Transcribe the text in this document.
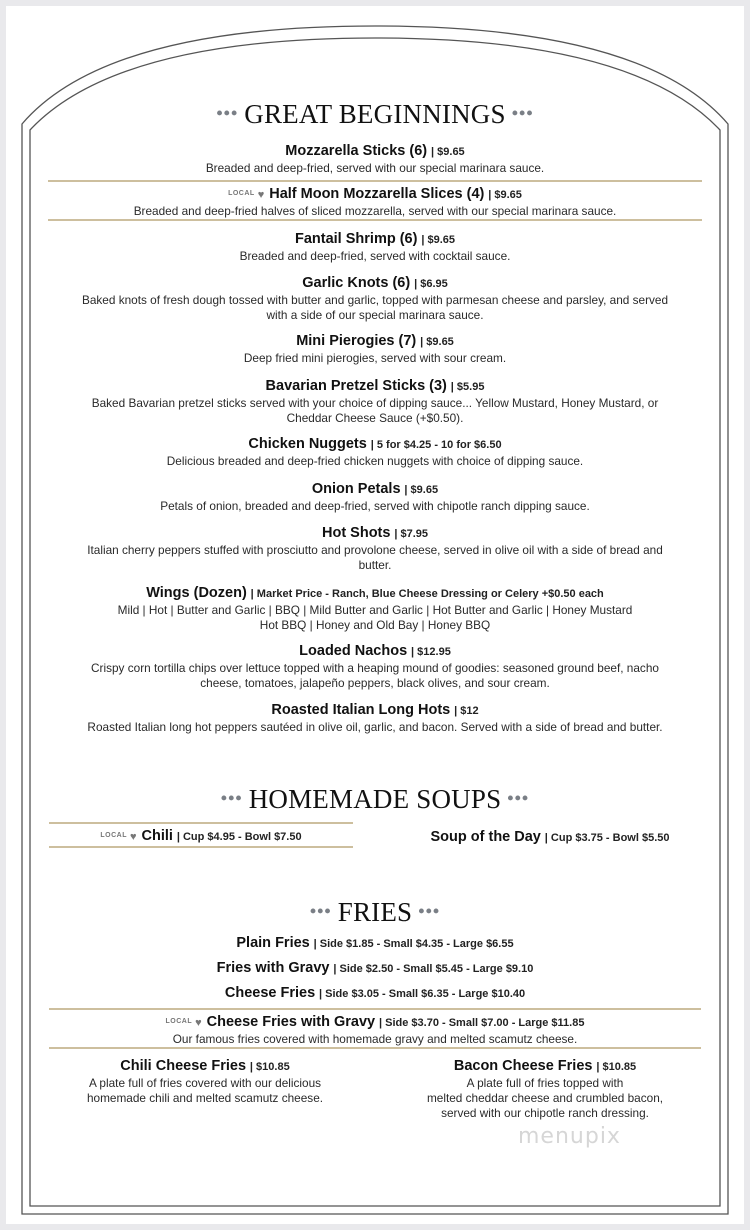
••• GREAT BEGINNINGS •••
Mozzarella Sticks (6) | $9.65
Breaded and deep-fried, served with our special marinara sauce.
$^{LOCAL}$ ♥ Half Moon Mozzarella Slices (4) | $9.65
Breaded and deep-fried halves of sliced mozzarella, served with our special marinara sauce.
Fantail Shrimp (6) | $9.65
Breaded and deep-fried, served with cocktail sauce.
Garlic Knots (6) | $6.95
Baked knots of fresh dough tossed with butter and garlic, topped with parmesan cheese and parsley, and served
with a side of our special marinara sauce.
Mini Pierogies (7) | $9.65
Deep fried mini pierogies, served with sour cream.
Bavarian Pretzel Sticks (3) | $5.95
Baked Bavarian pretzel sticks served with your choice of dipping sauce... Yellow Mustard, Honey Mustard, or
Cheddar Cheese Sauce (+$0.50).
Chicken Nuggets | 5 for $4.25 - 10 for $6.50
Delicious breaded and deep-fried chicken nuggets with choice of dipping sauce.
Onion Petals | $9.65
Petals of onion, breaded and deep-fried, served with chipotle ranch dipping sauce.
Hot Shots | $7.95
Italian cherry peppers stuffed with prosciutto and provolone cheese, served in olive oil with a side of bread and
butter.
Wings (Dozen) | Market Price - Ranch, Blue Cheese Dressing or Celery +$0.50 each
Mild | Hot | Butter and Garlic | BBQ | Mild Butter and Garlic | Hot Butter and Garlic | Honey Mustard
Hot BBQ | Honey and Old Bay | Honey BBQ
Loaded Nachos | $12.95
Crispy corn tortilla chips over lettuce topped with a heaping mound of goodies: seasoned ground beef, nacho
cheese, tomatoes, jalapeño peppers, black olives, and sour cream.
Roasted Italian Long Hots | $12
Roasted Italian long hot peppers sautéed in olive oil, garlic, and bacon. Served with a side of bread and butter.
••• HOMEMADE SOUPS •••
$^{LOCAL}$ ♥ Chili | Cup $4.95 - Bowl $7.50	Soup of the Day | Cup $3.75 - Bowl $5.50
••• FRIES •••
Plain Fries | Side $1.85 - Small $4.35 - Large $6.55
Fries with Gravy | Side $2.50 - Small $5.45 - Large $9.10
Cheese Fries | Side $3.05 - Small $6.35 - Large $10.40
$^{LOCAL}$ ♥ Cheese Fries with Gravy | Side $3.70 - Small $7.00 - Large $11.85
Our famous fries covered with homemade gravy and melted scamutz cheese.
Chili Cheese Fries | $10.85
A plate full of fries covered with our delicious
homemade chili and melted scamutz cheese.
Bacon Cheese Fries | $10.85
A plate full of fries topped with
melted cheddar cheese and crumbled bacon,
served with our chipotle ranch dressing.
menupix
